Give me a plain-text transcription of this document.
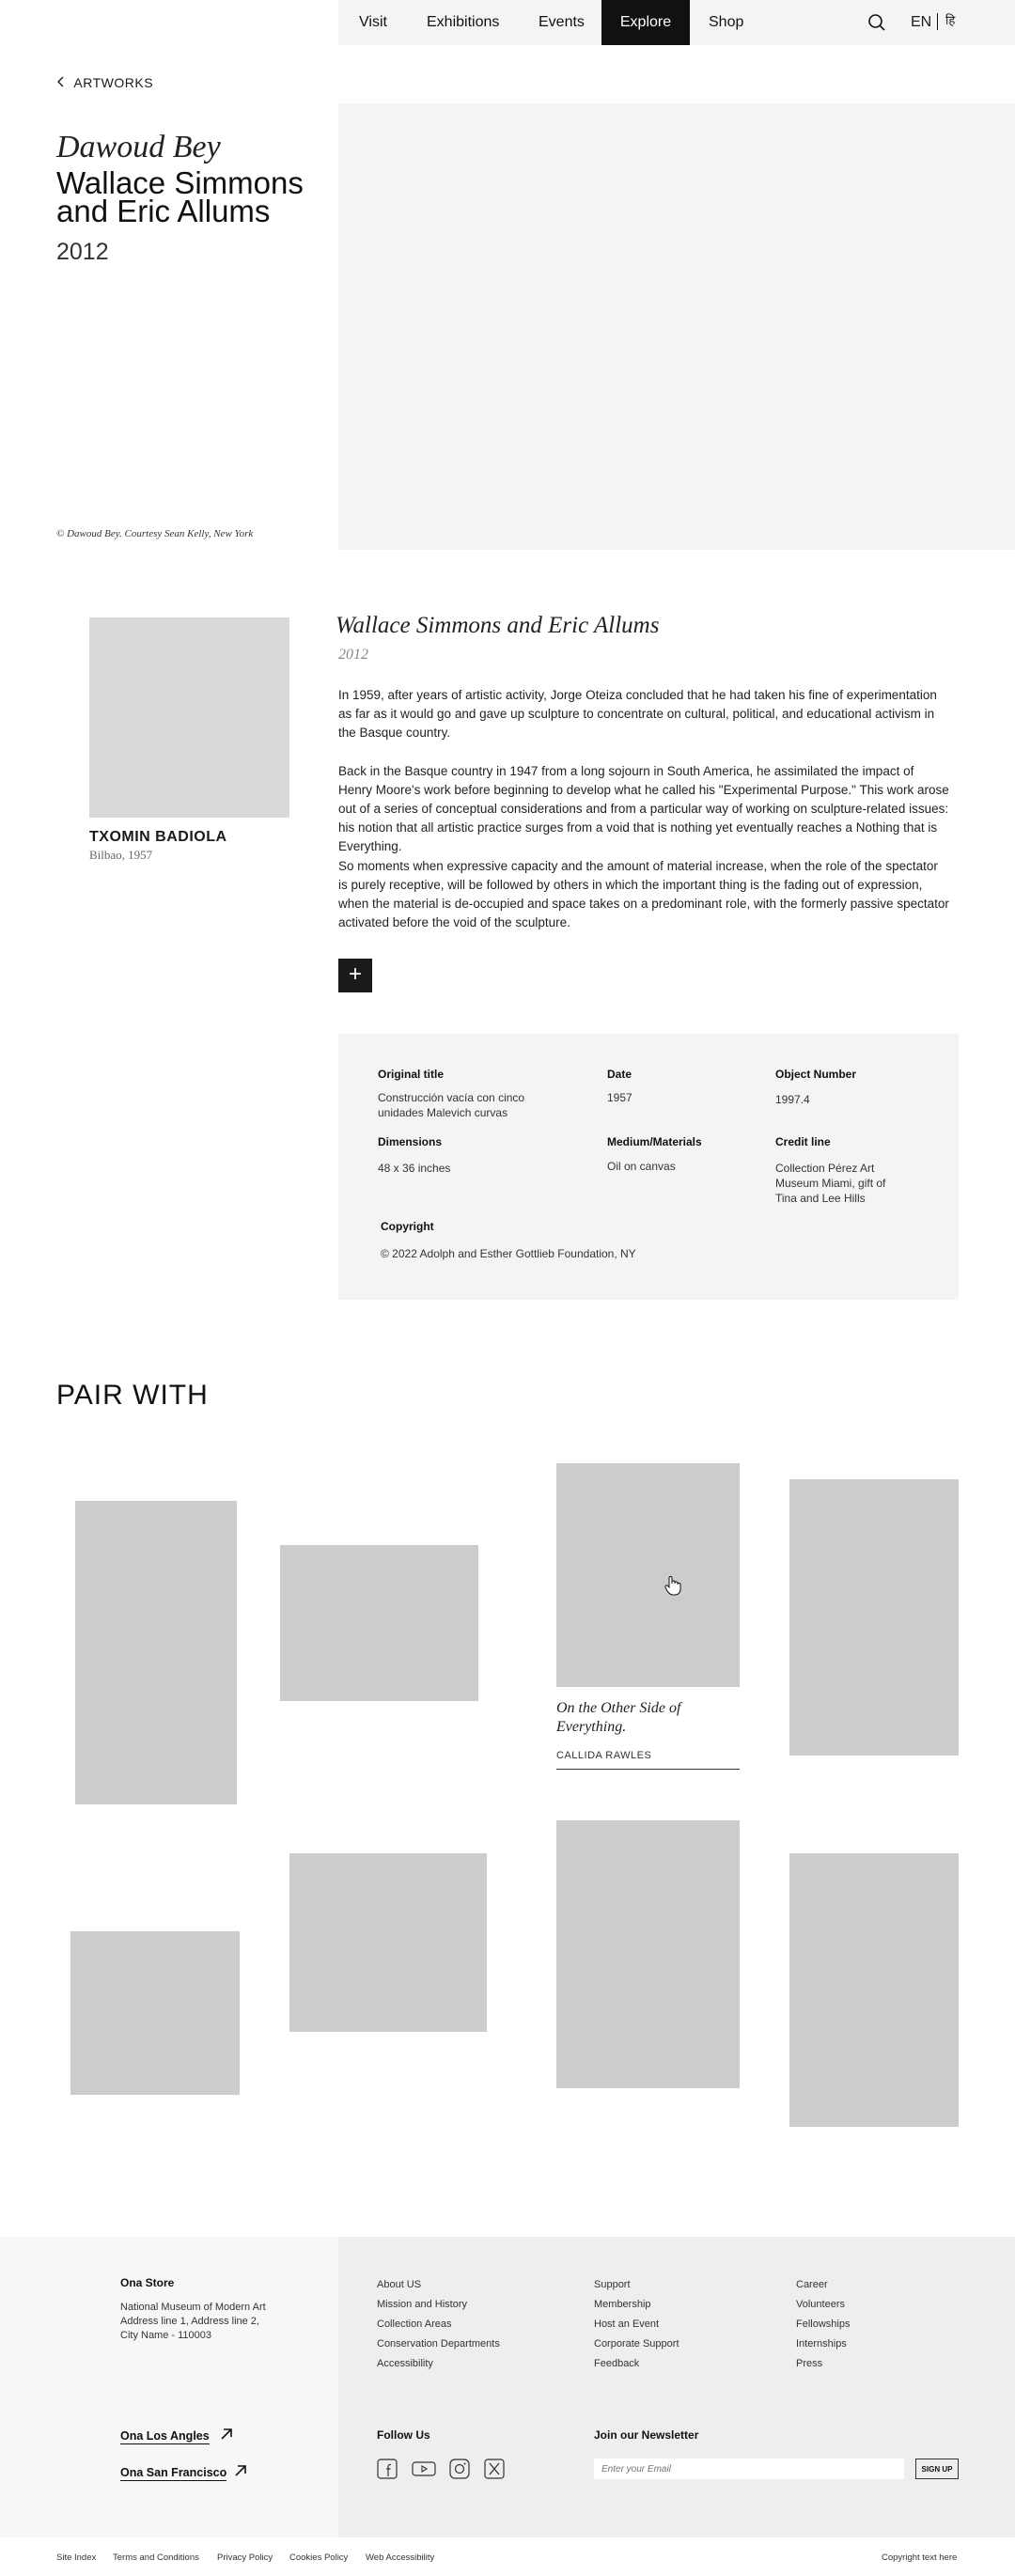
Visit	Exhibitions	Events	Explore	Shop	EN हि
ARTWORKS
Dawoud Bey
Wallace Simmons and Eric Allums
2012
© Dawoud Bey. Courtesy Sean Kelly, New York
TXOMIN BADIOLA
Bilbao, 1957
Wallace Simmons and Eric Allums
2012

In 1959, after years of artistic activity, Jorge Oteiza concluded that he had taken his fine of experimentation as far as it would go and gave up sculpture to concentrate on cultural, political, and educational activism in the Basque country.

Back in the Basque country in 1947 from a long sojourn in South America, he assimilated the impact of Henry Moore's work before beginning to develop what he called his "Experimental Purpose." This work arose out of a series of conceptual considerations and from a particular way of working on sculpture-related issues: his notion that all artistic practice surges from a void that is nothing yet eventually reaches a Nothing that is Everything.

So moments when expressive capacity and the amount of material increase, when the role of the spectator is purely receptive, will be followed by others in which the important thing is the fading out of expression, when the material is de-occupied and space takes on a predominant role, with the formerly passive spectator activated before the void of the sculpture.

+
Original title
Construcción vacía con cinco unidades Malevich curvas
Date
1957
Object Number
1997.4
Dimensions
48 x 36 inches
Medium/Materials
Oil on canvas
Credit line
Collection Pérez Art Museum Miami, gift of Tina and Lee Hills
Copyright
© 2022 Adolph and Esther Gottlieb Foundation, NY
PAIR WITH
On the Other Side of Everything.
CALLIDA RAWLES
Ona Store
National Museum of Modern Art
Address line 1, Address line 2,
City Name - 110003
Ona Los Angles
Ona San Francisco
About US
Mission and History
Collection Areas
Conservation Departments
Accessibility
Support
Membership
Host an Event
Corporate Support
Feedback
Career
Volunteers
Fellowships
Internships
Press
Follow Us	Join our Newsletter
Enter your Email
SIGN UP
Site Index Terms and Conditions Privacy Policy Cookies Policy Web Accessibility	Copyright text here
